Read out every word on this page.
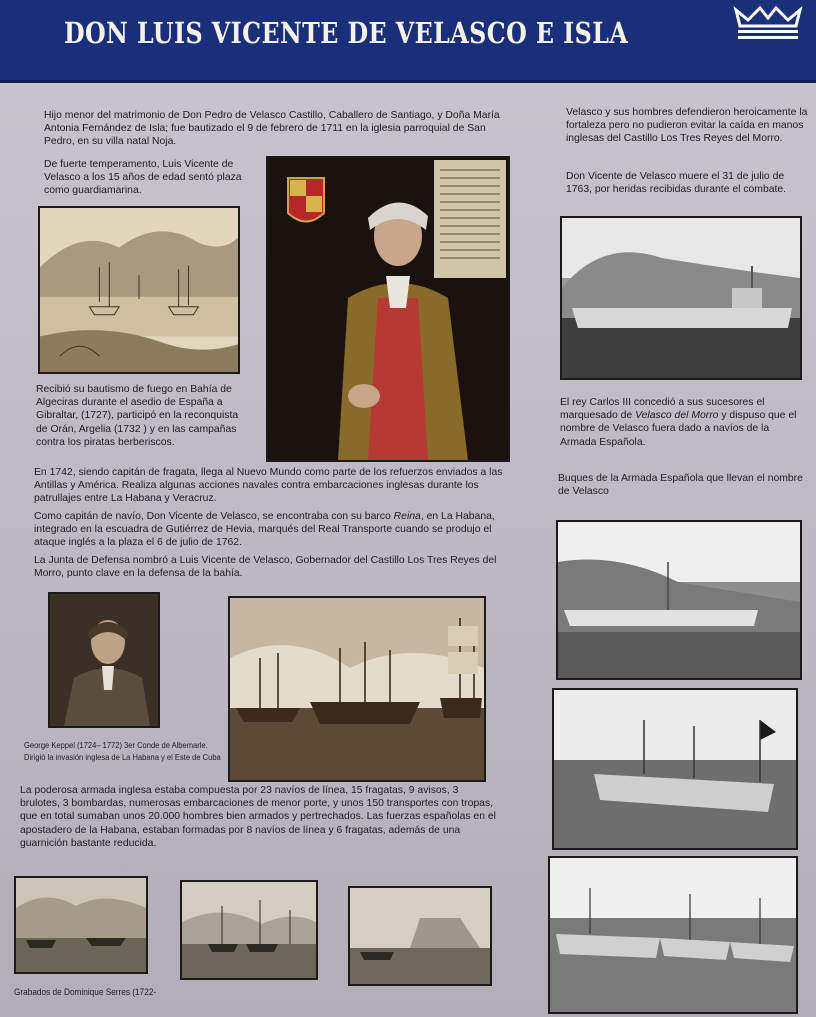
DON LUIS VICENTE DE VELASCO E ISLA
Hijo menor del matrimonio de Don Pedro de Velasco Castillo, Caballero de Santiago, y Doña María Antonia Fernández de Isla; fue bautizado el 9 de febrero de 1711 en la iglesia parroquial de San Pedro, en su villa natal Noja.
De fuerte temperamento, Luis Vicente de Velasco a los 15 años de edad sentó plaza como guardiamarina.
Recibió su bautismo de fuego en Bahía de Algeciras durante el asedio de España a Gibraltar, (1727), participó en la reconquista de Orán, Argelia (1732 ) y en las campañas contra los piratas berberiscos.
En 1742, siendo capitán de fragata, llega al Nuevo Mundo como parte de los refuerzos enviados a las Antillas y América. Realiza algunas acciones navales contra embarcaciones inglesas durante los patrullajes entre La Habana y Veracruz.
Como capitán de navío, Don Vicente de Velasco, se encontraba con su barco Reina, en La Habana, integrado en la escuadra de Gutiérrez de Hevia, marqués del Real Transporte cuando se produjo el ataque inglés a la plaza el 6 de julio de 1762.
La Junta de Defensa nombró a Luis Vicente de Velasco, Gobernador del Castillo Los Tres Reyes del Morro, punto clave en la defensa de la bahía.
George Keppel (1724– 1772) 3er Conde de Albemarle.
Dirigió la invasión inglesa de La Habana y el Este de Cuba
La poderosa armada inglesa estaba compuesta por 23 navíos de línea, 15 fragatas, 9 avisos, 3 brulotes, 3 bombardas, numerosas embarcaciones de menor porte, y unos 150 transportes con tropas, que en total sumaban unos 20.000 hombres bien armados y pertrechados. Las fuerzas españolas en el apostadero de la Habana, estaban formadas por 8 navíos de línea y 6 fragatas, además de una guarnición bastante reducida.
Grabados de Dominique Serres (1722-
Velasco y sus hombres defendieron heroicamente la fortaleza pero no pudieron evitar la caída en manos inglesas del Castillo Los Tres Reyes del Morro.
Don Vicente de Velasco muere el 31 de julio de 1763, por heridas recibidas durante el combate.
El rey Carlos III concedió a sus sucesores el marquesado de Velasco del Morro y dispuso que el nombre de Velasco fuera dado a navíos de la Armada Española.
Buques de la Armada Española que llevan el nombre de Velasco
